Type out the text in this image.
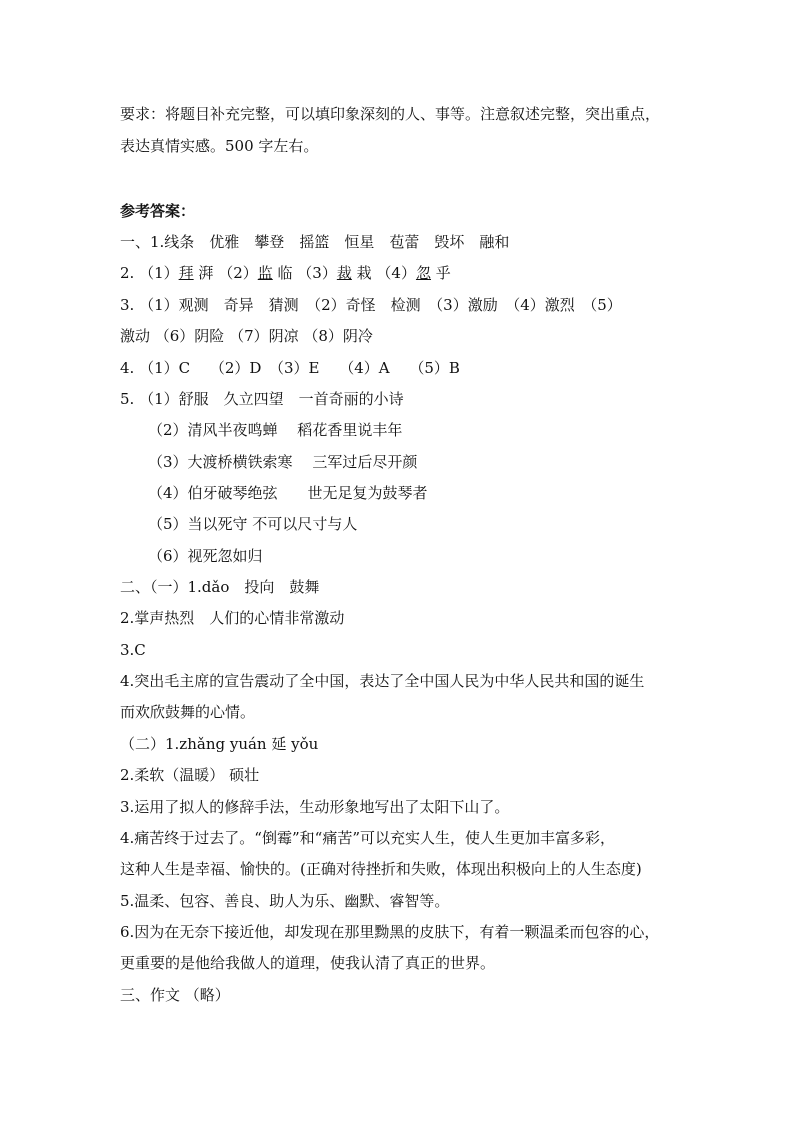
要求：将题目补充完整，可以填印象深刻的人、事等。注意叙述完整，突出重点，
表达真情实感。500 字左右。
参考答案：
一、1.线条　优雅　攀登　摇篮　恒星　苞蕾　毁坏　融和
2. （1）拜 湃 （2）监 临 （3）裁 栽 （4）忽 乎
3. （1）观测　奇异　猜测　（2）奇怪　检测　（3）激励　（4）激烈　（5）
激动 （6）阴险 （7）阴凉 （8）阴冷
4. （1）C　 （2）D　（3）E　 （4）A　 （5）B
5. （1）舒服　久立四望　一首奇丽的小诗
（2）清风半夜鸣蝉　 稻花香里说丰年
（3）大渡桥横铁索寒　 三军过后尽开颜
（4）伯牙破琴绝弦　　世无足复为鼓琴者
（5）当以死守 不可以尺寸与人
（6）视死忽如归
二、（一）1.dǎo　投向　鼓舞
2.掌声热烈　人们的心情非常激动
3.C
4.突出毛主席的宣告震动了全中国，表达了全中国人民为中华人民共和国的诞生
而欢欣鼓舞的心情。
（二）1.zhǎng yuán 延 yǒu
2.柔软（温暖） 硕壮
3.运用了拟人的修辞手法，生动形象地写出了太阳下山了。
4.痛苦终于过去了。“倒霉”和“痛苦”可以充实人生，使人生更加丰富多彩，
这种人生是幸福、愉快的。(正确对待挫折和失败，体现出积极向上的人生态度)
5.温柔、包容、善良、助人为乐、幽默、睿智等。
6.因为在无奈下接近他，却发现在那里黝黑的皮肤下，有着一颗温柔而包容的心，
更重要的是他给我做人的道理，使我认清了真正的世界。
三、作文 （略）
